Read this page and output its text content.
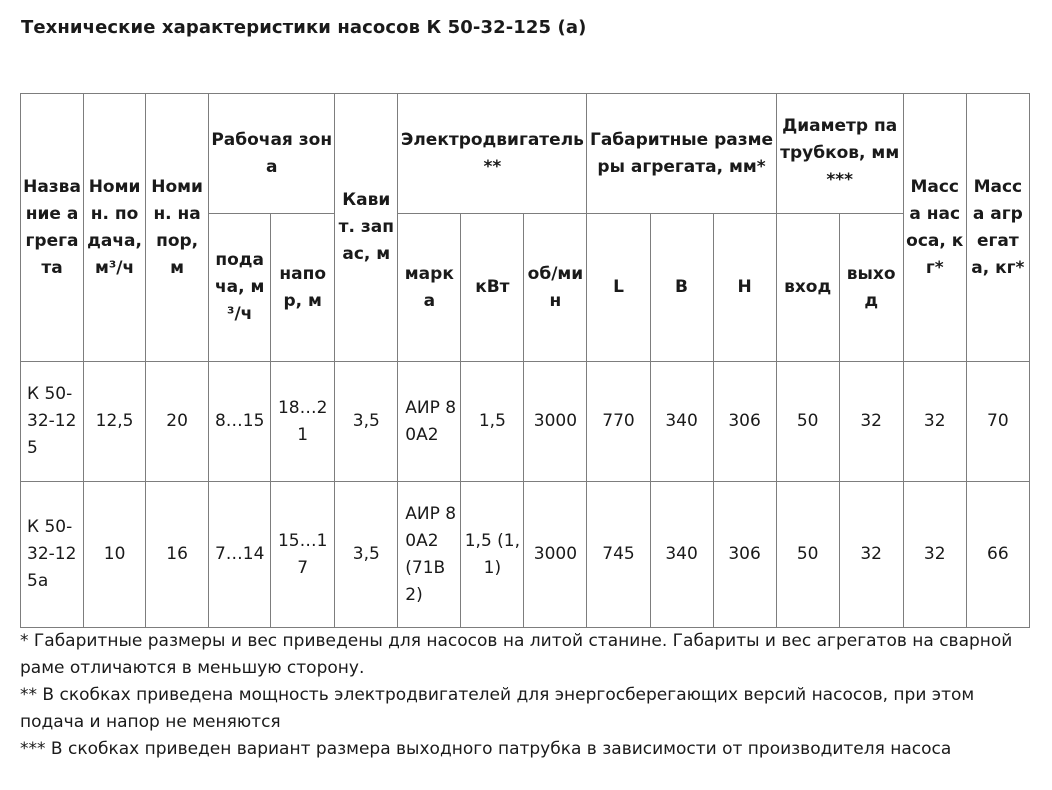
Технические характеристики насосов К 50-32-125 (а)
Название агрегата	Номин. подача, м³/ч	Номин. напор, м	Рабочая зона		Кавит. запас, м	Электродвигатель**			Габаритные размеры агрегата, мм*			Диаметр патрубков, мм***		Масса насоса, кг*	Масса агрегата, кг*
			подача, м³/ч	напор, м		марка	кВт	об/мин	L	B	H	вход	выход		
К 50-32-125	12,5	20	8…15	18…21	3,5	АИР 80А2	1,5	3000	770	340	306	50	32	32	70
К 50-32-125а	10	16	7…14	15…17	3,5	АИР 80А2 (71В2)	1,5 (1,1)	3000	745	340	306	50	32	32	66

* Габаритные размеры и вес приведены для насосов на литой станине. Габариты и вес агрегатов на сварной раме отличаются в меньшую сторону.

** В скобках приведена мощность электродвигателей для энергосберегающих версий насосов, при этом подача и напор не меняются

*** В скобках приведен вариант размера выходного патрубка в зависимости от производителя насоса
